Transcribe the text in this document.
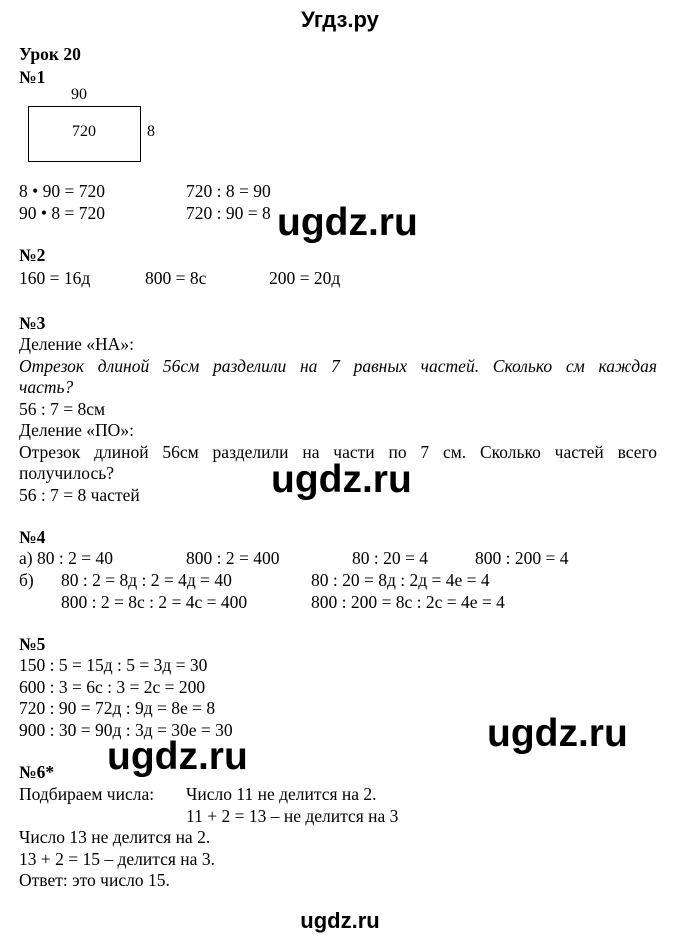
Угдз.ру
Урок 20
№1
90
720	8
8 • 90 = 720	720 : 8 = 90
90 • 8 = 720	720 : 90 = 8 ugdz.ru
№2
160 = 16д	800 = 8с	200 = 20д
№3
Деление «НА»:
Отрезок длиной 56см разделили на 7 равных частей. Сколько см каждая
часть?
56 : 7 = 8см
Деление «ПО»:
Отрезок длиной 56см разделили на части по 7 см. Сколько частей всего
получилось?
56 : 7 = 8 частей	ugdz.ru
№4
а) 80 : 2 = 40	800 : 2 = 400	80 : 20 = 4	800 : 200 = 4
б) 80 : 2 = 8д : 2 = 4д = 40	80 : 20 = 8д : 2д = 4е = 4
800 : 2 = 8с : 2 = 4с = 400	800 : 200 = 8с : 2с = 4е = 4
№5
150 : 5 = 15д : 5 = 3д = 30
600 : 3 = 6с : 3 = 2с = 200
720 : 90 = 72д : 9д = 8е = 8
900 : 30 = 90д : 3д = 30е = 30	ugdz.ru
ugdz.ru
№6*
Подбираем числа: Число 11 не делится на 2.
11 + 2 = 13 – не делится на 3
Число 13 не делится на 2.
13 + 2 = 15 – делится на 3.
Ответ: это число 15.
ugdz.ru
